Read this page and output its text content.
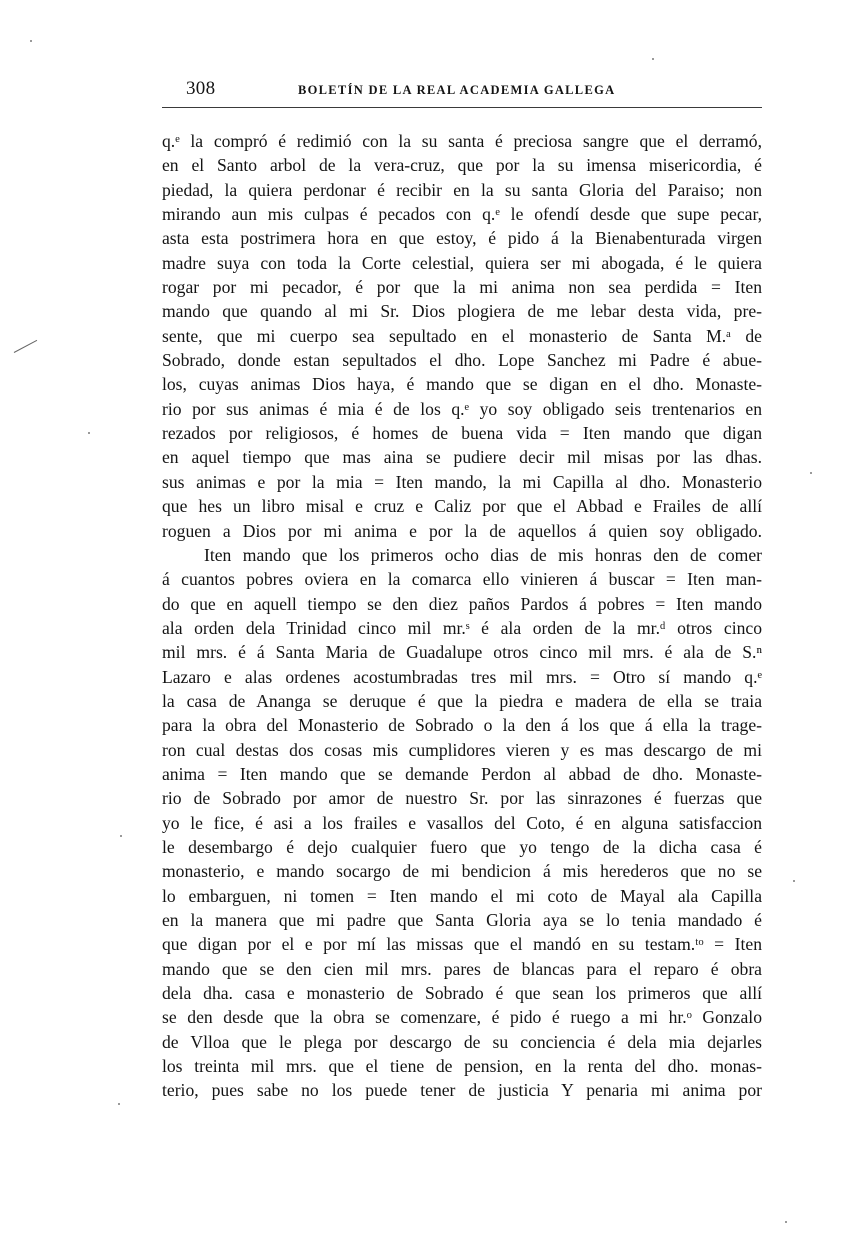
308	BOLETÍN DE LA REAL ACADEMIA GALLEGA
q.ᵉ la compró é redimió con la su santa é preciosa sangre que el derramó,
en el Santo arbol de la vera-cruz, que por la su imensa misericordia, é
piedad, la quiera perdonar é recibir en la su santa Gloria del Paraiso; non
mirando aun mis culpas é pecados con q.ᵉ le ofendí desde que supe pecar,
asta esta postrimera hora en que estoy, é pido á la Bienabenturada virgen
madre suya con toda la Corte celestial, quiera ser mi abogada, é le quiera
rogar por mi pecador, é por que la mi anima non sea perdida = Iten
mando que quando al mi Sr. Dios plogiera de me lebar desta vida, pre-
sente, que mi cuerpo sea sepultado en el monasterio de Santa M.ᵃ de
Sobrado, donde estan sepultados el dho. Lope Sanchez mi Padre é abue-
los, cuyas animas Dios haya, é mando que se digan en el dho. Monaste-
rio por sus animas é mia é de los q.ᵉ yo soy obligado seis trentenarios en
rezados por religiosos, é homes de buena vida = Iten mando que digan
en aquel tiempo que mas aina se pudiere decir mil misas por las dhas.
sus animas e por la mia = Iten mando, la mi Capilla al dho. Monasterio
que hes un libro misal e cruz e Caliz por que el Abbad e Frailes de allí
roguen a Dios por mi anima e por la de aquellos á quien soy obligado.
Iten mando que los primeros ocho dias de mis honras den de comer
á cuantos pobres oviera en la comarca ello vinieren á buscar = Iten man-
do que en aquell tiempo se den diez paños Pardos á pobres = Iten mando
ala orden dela Trinidad cinco mil mr.ˢ é ala orden de la mr.ᵈ otros cinco
mil mrs. é á Santa Maria de Guadalupe otros cinco mil mrs. é ala de S.ⁿ
Lazaro e alas ordenes acostumbradas tres mil mrs. = Otro sí mando q.ᵉ
la casa de Ananga se deruque é que la piedra e madera de ella se traia
para la obra del Monasterio de Sobrado o la den á los que á ella la trage-
ron cual destas dos cosas mis cumplidores vieren y es mas descargo de mi
anima = Iten mando que se demande Perdon al abbad de dho. Monaste-
rio de Sobrado por amor de nuestro Sr. por las sinrazones é fuerzas que
yo le fice, é asi a los frailes e vasallos del Coto, é en alguna satisfaccion
le desembargo é dejo cualquier fuero que yo tengo de la dicha casa é
monasterio, e mando socargo de mi bendicion á mis herederos que no se
lo embarguen, ni tomen = Iten mando el mi coto de Mayal ala Capilla
en la manera que mi padre que Santa Gloria aya se lo tenia mandado é
que digan por el e por mí las missas que el mandó en su testam.ᵗᵒ = Iten
mando que se den cien mil mrs. pares de blancas para el reparo é obra
dela dha. casa e monasterio de Sobrado é que sean los primeros que allí
se den desde que la obra se comenzare, é pido é ruego a mi hr.ᵒ Gonzalo
de Vlloa que le plega por descargo de su conciencia é dela mia dejarles
los treinta mil mrs. que el tiene de pension, en la renta del dho. monas-
terio, pues sabe no los puede tener de justicia Y penaria mi anima por
